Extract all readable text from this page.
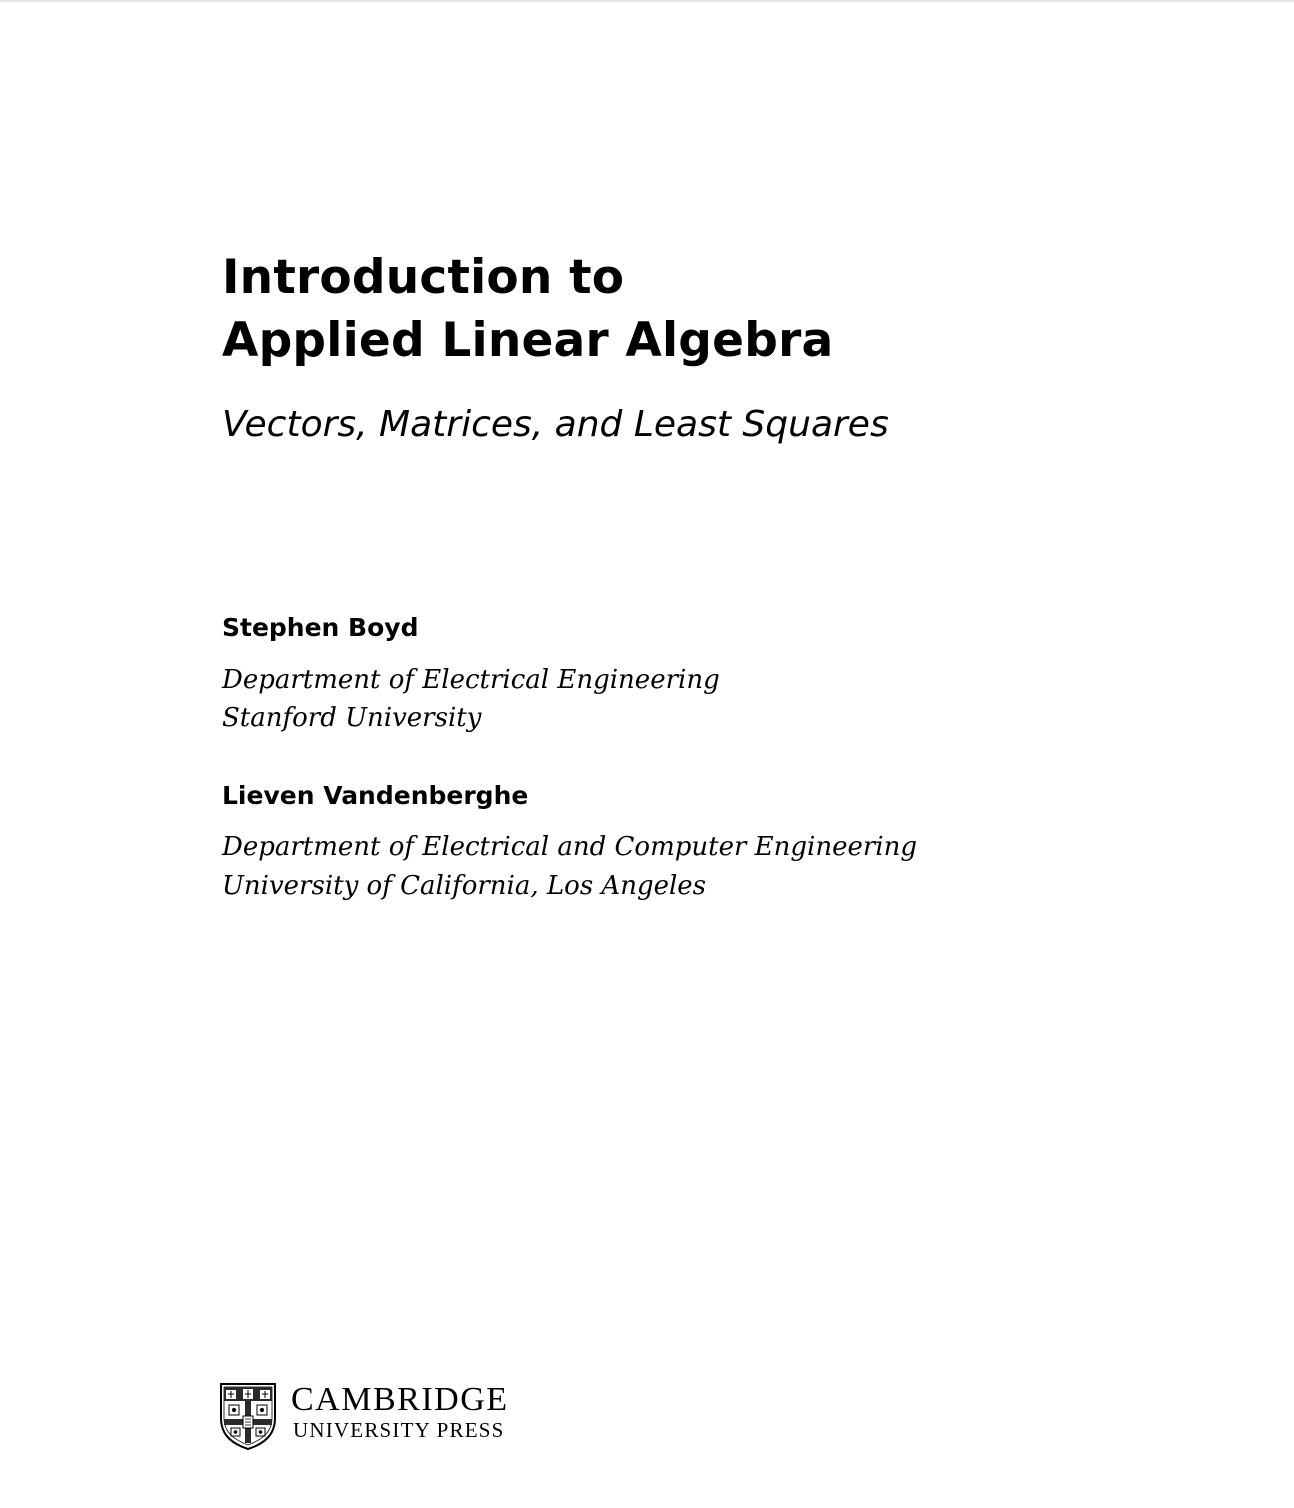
Introduction to
Applied Linear Algebra
Vectors, Matrices, and Least Squares
Stephen Boyd
Department of Electrical Engineering
Stanford University
Lieven Vandenberghe
Department of Electrical and Computer Engineering
University of California, Los Angeles
CAMBRIDGE
UNIVERSITY PRESS
